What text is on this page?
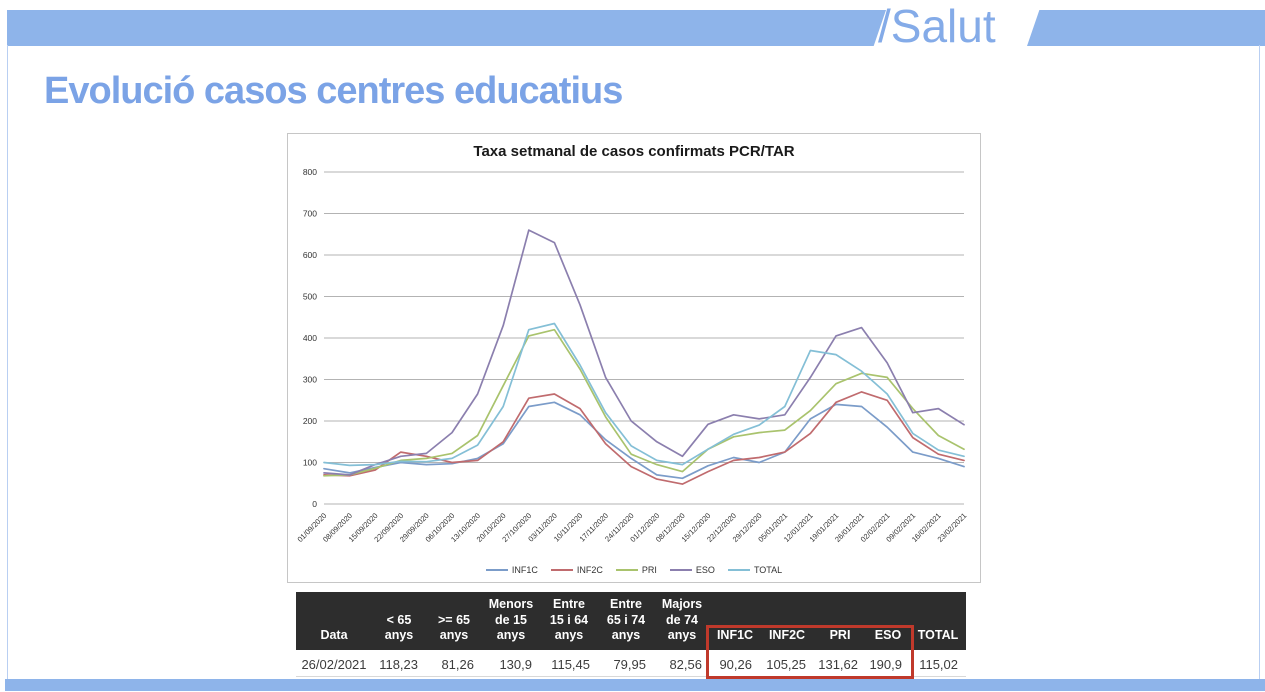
/Salut
Evolució casos centres educatius
Taxa setmanal de casos confirmats PCR/TAR
0
100
200
300
400
500
600
700
800
01/09/2020
08/09/2020
15/09/2020
22/09/2020
29/09/2020
06/10/2020
13/10/2020
20/10/2020
27/10/2020
03/11/2020
10/11/2020
17/11/2020
24/11/2020
01/12/2020
08/12/2020
15/12/2020
22/12/2020
29/12/2020
05/01/2021
12/01/2021
19/01/2021
26/01/2021
02/02/2021
09/02/2021
16/02/2021
23/02/2021
INF1C	INF2C	PRI	ESO	TOTAL
Data

< 65
anys

>= 65
anys

Menors
de 15
anys

Entre
15 i 64
anys

Entre
65 i 74
anys

Majors
de 74
anys	INF1C	INF2C	PRI	ESO	TOTAL

26/02/2021	118,23	81,26	130,9	115,45	79,95	82,56	90,26	105,25	131,62	190,9	115,02
